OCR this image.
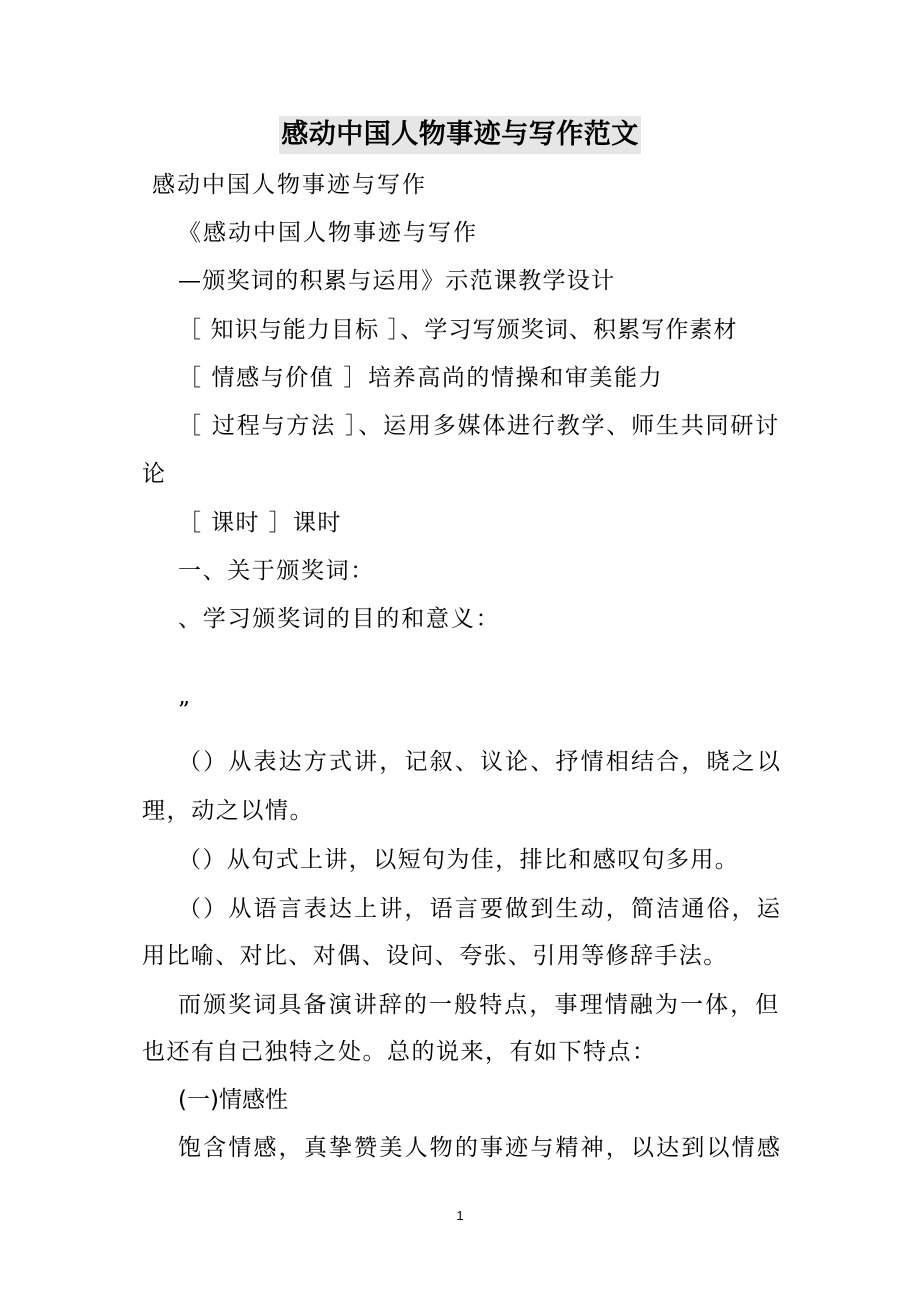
感动中国人物事迹与写作范文
感动中国人物事迹与写作
《感动中国人物事迹与写作
—颁奖词的积累与运用》示范课教学设计
［ 知识与能力目标 ］、学习写颁奖词、积累写作素材
［ 情感与价值 ］培养高尚的情操和审美能力
［ 过程与方法 ］、运用多媒体进行教学、师生共同研讨
论
［ 课时 ］课时
一、关于颁奖词：
、学习颁奖词的目的和意义：
”
（）从表达方式讲，记叙、议论、抒情相结合，晓之以
理，动之以情。
（）从句式上讲，以短句为佳，排比和感叹句多用。
（）从语言表达上讲，语言要做到生动，简洁通俗，运
用比喻、对比、对偶、设问、夸张、引用等修辞手法。
而颁奖词具备演讲辞的一般特点，事理情融为一体，但
也还有自己独特之处。总的说来，有如下特点：
(一)情感性
饱含情感，真挚赞美人物的事迹与精神，以达到以情感
1
